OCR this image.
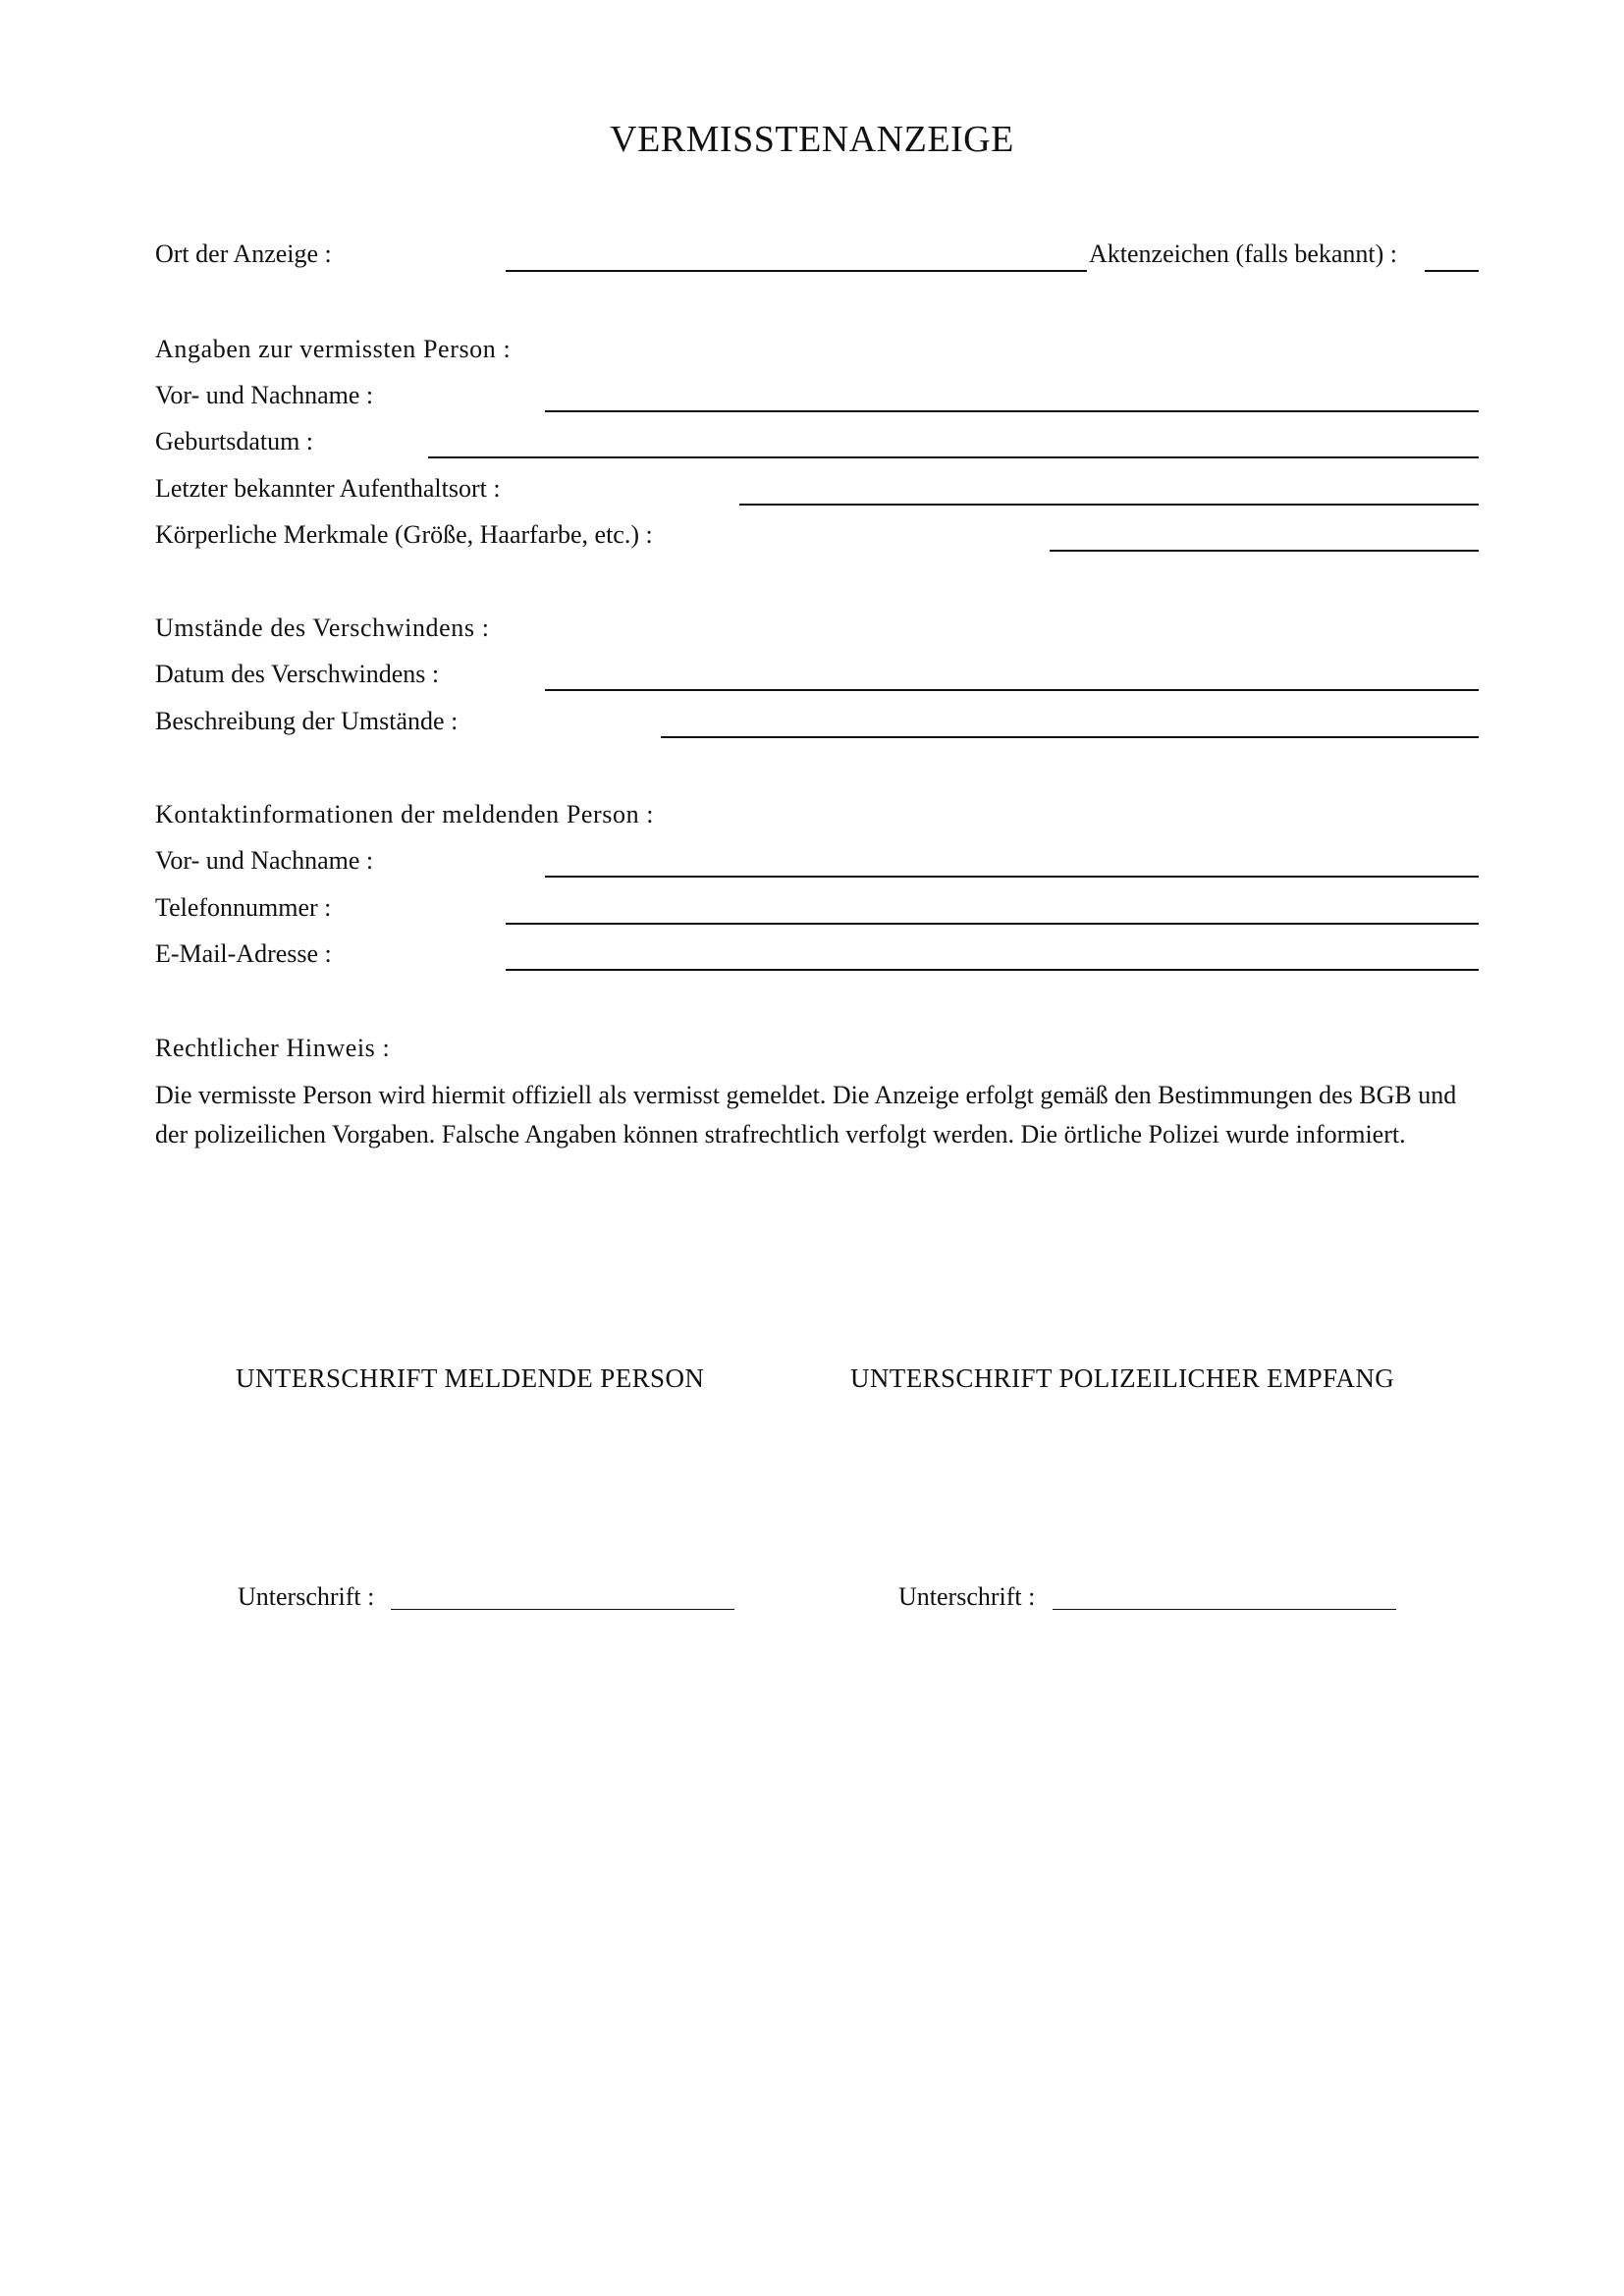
VERMISSTENANZEIGE
Ort der Anzeige :	Aktenzeichen (falls bekannt) :
Angaben zur vermissten Person :
Vor- und Nachname :
Geburtsdatum :
Letzter bekannter Aufenthaltsort :
Körperliche Merkmale (Größe, Haarfarbe, etc.) :
Umstände des Verschwindens :
Datum des Verschwindens :
Beschreibung der Umstände :
Kontaktinformationen der meldenden Person :
Vor- und Nachname :
Telefonnummer :
E-Mail-Adresse :
Rechtlicher Hinweis :
Die vermisste Person wird hiermit offiziell als vermisst gemeldet. Die Anzeige erfolgt gemäß den Bestimmungen des BGB und der polizeilichen Vorgaben. Falsche Angaben können strafrechtlich verfolgt werden. Die örtliche Polizei wurde informiert.
UNTERSCHRIFT MELDENDE PERSON	UNTERSCHRIFT POLIZEILICHER EMPFANG
Unterschrift :	Unterschrift :
